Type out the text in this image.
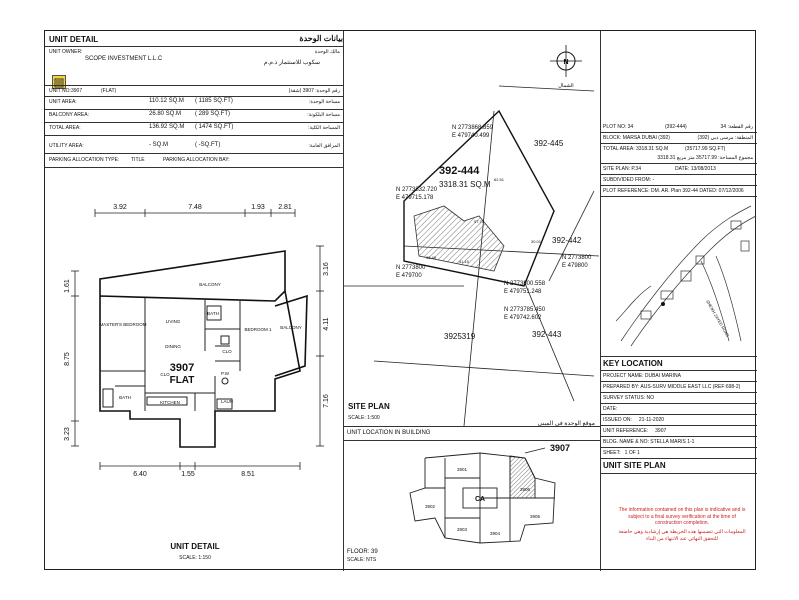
UNIT DETAIL	بيانات الوحدة
UNIT OWNER:	مالك الوحدة
SCOPE INVESTMENT L.L.C
سكوب للاستثمار ذ.م.م
UNIT NO: 3907	(FLAT)	رقم الوحدة: 3907 (شقة)
UNIT AREA:	110.12 SQ.M ( 1185 SQ.FT)	مساحة الوحدة:
BALCONY AREA:	26.80 SQ.M ( 289 SQ.FT)	مساحة البلكونة:
TOTAL AREA:	136.92 SQ.M ( 1474 SQ.FT)	المساحة الكلية:
UTILITY AREA:	- SQ.M	( -SQ.FT)	المرافق العامة:
PARKING ALLOCATION TYPE: TITLE	PARKING ALLOCATION BAY:
3.92	7.48	1.93 2.81
6.40	1.55	8.51
1.61
8.75
3.23
3.16
4.11
7.16
BALCONY
MASTER'S BEDROOM
LIVING
BATH
BEDROOM 1 BALCONY
DINING
CLO
CLO
BATH
KITCHEN	LAUN
P.W
3907
FLAT
UNIT DETAIL
SCALE: 1:150
N
الشمال
N 2773868.859
E 479740.499
N 2773832.720
E 479715.178
N 2773800
E 479700
N 2773800.558
E 479751.248
N 2773785.450
E 479742.602
N 2773800
E 479800
62.51
57.70
38.49
41.10
30.01
392-444
3318.31 SQ.M
392-445
392-442
392-443
3925319
SITE PLAN
SCALE: 1:500
PLOT NO: 34	(392-444)	رقم القطعة: 34
BLOCK: MARSA DUBAI (392)	المنطقة: مرسى دبي (392)
TOTAL AREA: 3318.31 SQ.M	(35717.99 SQ.FT)
مجموع المساحة: 35717.99 متر مربع 3318.31
SITE PLAN: P.34	DATE: 13/08/2013
SUBDIVIDED FROM: -
PLOT REFERENCE: DM. AR. Plan 392-44 DATED: 07/12/2006
SHEIKH ZAYED ROAD
KEY LOCATION
PROJECT NAME: DUBAI MARINA
PREPARED BY: AUS-SURV MIDDLE EAST LLC (REF:698-2)
SURVEY STATUS: NO
DATE:
ISSUED ON:     21-11-2020
UNIT REFERENCE:     3907
BLDG. NAME & NO: STELLA MARIS 1-1
SHEET:   1 OF 1
UNIT SITE PLAN
The information contained on this plan is indicative and is subject to a final survey verification at the time of construction completion.
المعلومات التي تتضمنها هذه الخريطة هي إرشادية وهي خاضعة للتحقق النهائي عند الانتهاء من البناء
UNIT LOCATION IN BUILDING
موقع الوحدة في المبنى
3901
3902
3903
3904
3905
3906
CA
3907
FLOOR: 39
SCALE: NTS
